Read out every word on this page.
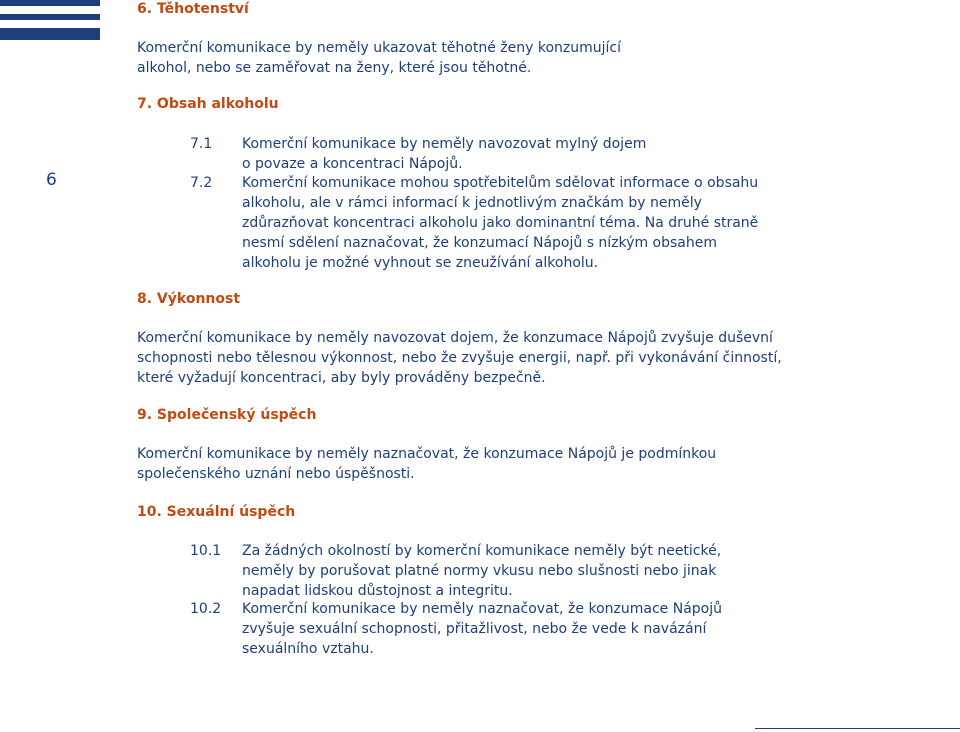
6
6. Těhotenství
Komerční komunikace by neměly ukazovat těhotné ženy konzumující alkohol, nebo se zaměřovat na ženy, které jsou těhotné.
7. Obsah alkoholu
7.1	Komerční komunikace by neměly navozovat mylný dojem o povaze a koncentraci Nápojů.
7.2	Komerční komunikace mohou spotřebitelům sdělovat informace o obsahu alkoholu, ale v rámci informací k jednotlivým značkám by neměly zdůrazňovat koncentraci alkoholu jako dominantní téma. Na druhé straně nesmí sdělení naznačovat, že konzumací Nápojů s nízkým obsahem alkoholu je možné vyhnout se zneužívání alkoholu.
8. Výkonnost
Komerční komunikace by neměly navozovat dojem, že konzumace Nápojů zvyšuje duševní schopnosti nebo tělesnou výkonnost, nebo že zvyšuje energii, např. při vykonávání činností, které vyžadují koncentraci, aby byly prováděny bezpečně.
9. Společenský úspěch
Komerční komunikace by neměly naznačovat, že konzumace Nápojů je podmínkou společenského uznání nebo úspěšnosti.
10. Sexuální úspěch
10.1	Za žádných okolností by komerční komunikace neměly být neetické, neměly by porušovat platné normy vkusu nebo slušnosti nebo jinak napadat lidskou důstojnost a integritu.
10.2	Komerční komunikace by neměly naznačovat, že konzumace Nápojů zvyšuje sexuální schopnosti, přitažlivost, nebo že vede k navázání sexuálního vztahu.
